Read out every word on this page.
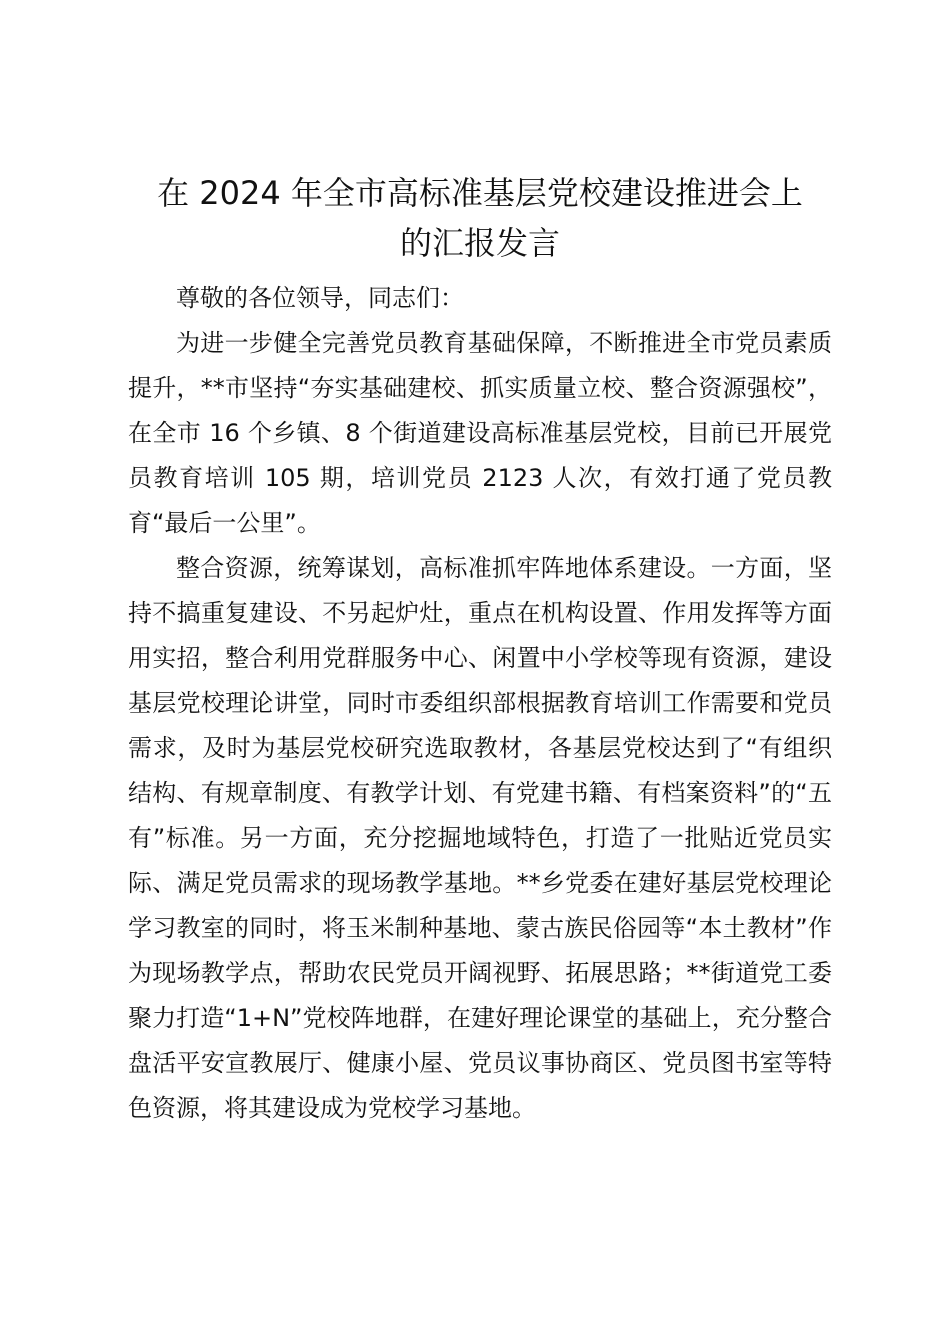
在 2024 年全市高标准基层党校建设推进会上
的汇报发言

尊敬的各位领导，同志们：

为进一步健全完善党员教育基础保障，不断推进全市党员素质提升，**市坚持“夯实基础建校、抓实质量立校、整合资源强校”，在全市 16 个乡镇、8 个街道建设高标准基层党校，目前已开展党员教育培训 105 期，培训党员 2123 人次，有效打通了党员教育“最后一公里”。

整合资源，统筹谋划，高标准抓牢阵地体系建设。一方面，坚持不搞重复建设、不另起炉灶，重点在机构设置、作用发挥等方面用实招，整合利用党群服务中心、闲置中小学校等现有资源，建设基层党校理论讲堂，同时市委组织部根据教育培训工作需要和党员需求，及时为基层党校研究选取教材，各基层党校达到了“有组织结构、有规章制度、有教学计划、有党建书籍、有档案资料”的“五有”标准。另一方面，充分挖掘地域特色，打造了一批贴近党员实际、满足党员需求的现场教学基地。**乡党委在建好基层党校理论学习教室的同时，将玉米制种基地、蒙古族民俗园等“本土教材”作为现场教学点，帮助农民党员开阔视野、拓展思路；**街道党工委聚力打造“1+N”党校阵地群，在建好理论课堂的基础上，充分整合盘活平安宣教展厅、健康小屋、党员议事协商区、党员图书室等特色资源，将其建设成为党校学习基地。
